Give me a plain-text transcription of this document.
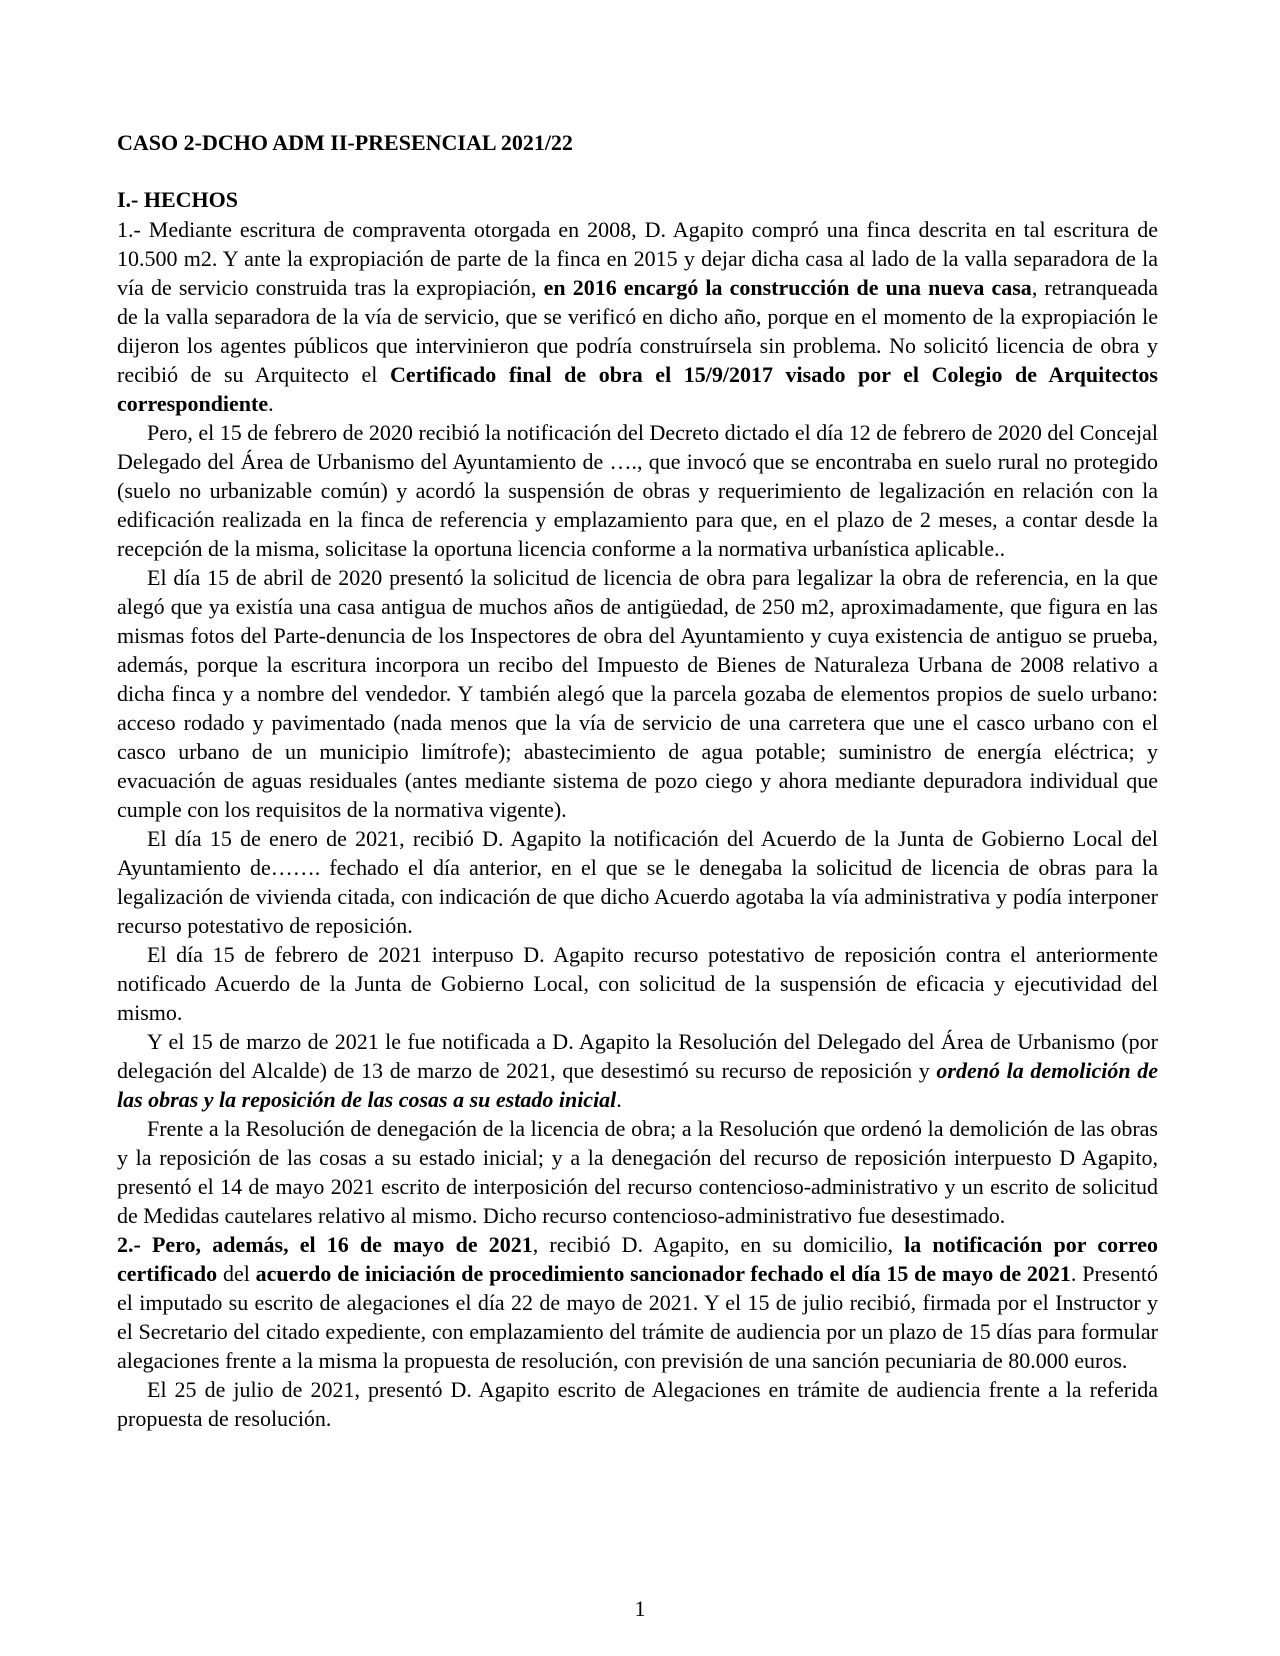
CASO 2-DCHO ADM II-PRESENCIAL 2021/22
I.- HECHOS

1.- Mediante escritura de compraventa otorgada en 2008, D. Agapito compró una finca descrita en tal escritura de 10.500 m2. Y ante la expropiación de parte de la finca en 2015 y dejar dicha casa al lado de la valla separadora de la vía de servicio construida tras la expropiación, en 2016 encargó la construcción de una nueva casa, retranqueada de la valla separadora de la vía de servicio, que se verificó en dicho año, porque en el momento de la expropiación le dijeron los agentes públicos que intervinieron que podría construírsela sin problema. No solicitó licencia de obra y recibió de su Arquitecto el Certificado final de obra el 15/9/2017 visado por el Colegio de Arquitectos correspondiente.

Pero, el 15 de febrero de 2020 recibió la notificación del Decreto dictado el día 12 de febrero de 2020 del Concejal Delegado del Área de Urbanismo del Ayuntamiento de …., que invocó que se encontraba en suelo rural no protegido (suelo no urbanizable común) y acordó la suspensión de obras y requerimiento de legalización en relación con la edificación realizada en la finca de referencia y emplazamiento para que, en el plazo de 2 meses, a contar desde la recepción de la misma, solicitase la oportuna licencia conforme a la normativa urbanística aplicable..

El día 15 de abril de 2020 presentó la solicitud de licencia de obra para legalizar la obra de referencia, en la que alegó que ya existía una casa antigua de muchos años de antigüedad, de 250 m2, aproximadamente, que figura en las mismas fotos del Parte-denuncia de los Inspectores de obra del Ayuntamiento y cuya existencia de antiguo se prueba, además, porque la escritura incorpora un recibo del Impuesto de Bienes de Naturaleza Urbana de 2008 relativo a dicha finca y a nombre del vendedor. Y también alegó que la parcela gozaba de elementos propios de suelo urbano: acceso rodado y pavimentado (nada menos que la vía de servicio de una carretera que une el casco urbano con el casco urbano de un municipio limítrofe); abastecimiento de agua potable; suministro de energía eléctrica; y evacuación de aguas residuales (antes mediante sistema de pozo ciego y ahora mediante depuradora individual que cumple con los requisitos de la normativa vigente).

El día 15 de enero de 2021, recibió D. Agapito la notificación del Acuerdo de la Junta de Gobierno Local del Ayuntamiento de……. fechado el día anterior, en el que se le denegaba la solicitud de licencia de obras para la legalización de vivienda citada, con indicación de que dicho Acuerdo agotaba la vía administrativa y podía interponer recurso potestativo de reposición.

El día 15 de febrero de 2021 interpuso D. Agapito recurso potestativo de reposición contra el anteriormente notificado Acuerdo de la Junta de Gobierno Local, con solicitud de la suspensión de eficacia y ejecutividad del mismo.

Y el 15 de marzo de 2021 le fue notificada a D. Agapito la Resolución del Delegado del Área de Urbanismo (por delegación del Alcalde) de 13 de marzo de 2021, que desestimó su recurso de reposición y ordenó la demolición de las obras y la reposición de las cosas a su estado inicial.

Frente a la Resolución de denegación de la licencia de obra; a la Resolución que ordenó la demolición de las obras y la reposición de las cosas a su estado inicial; y a la denegación del recurso de reposición interpuesto D Agapito, presentó el 14 de mayo 2021 escrito de interposición del recurso contencioso-administrativo y un escrito de solicitud de Medidas cautelares relativo al mismo. Dicho recurso contencioso-administrativo fue desestimado.

2.- Pero, además, el 16 de mayo de 2021, recibió D. Agapito, en su domicilio, la notificación por correo certificado del acuerdo de iniciación de procedimiento sancionador fechado el día 15 de mayo de 2021. Presentó el imputado su escrito de alegaciones el día 22 de mayo de 2021. Y el 15 de julio recibió, firmada por el Instructor y el Secretario del citado expediente, con emplazamiento del trámite de audiencia por un plazo de 15 días para formular alegaciones frente a la misma la propuesta de resolución, con previsión de una sanción pecuniaria de 80.000 euros.

El 25 de julio de 2021, presentó D. Agapito escrito de Alegaciones en trámite de audiencia frente a la referida propuesta de resolución.

1
